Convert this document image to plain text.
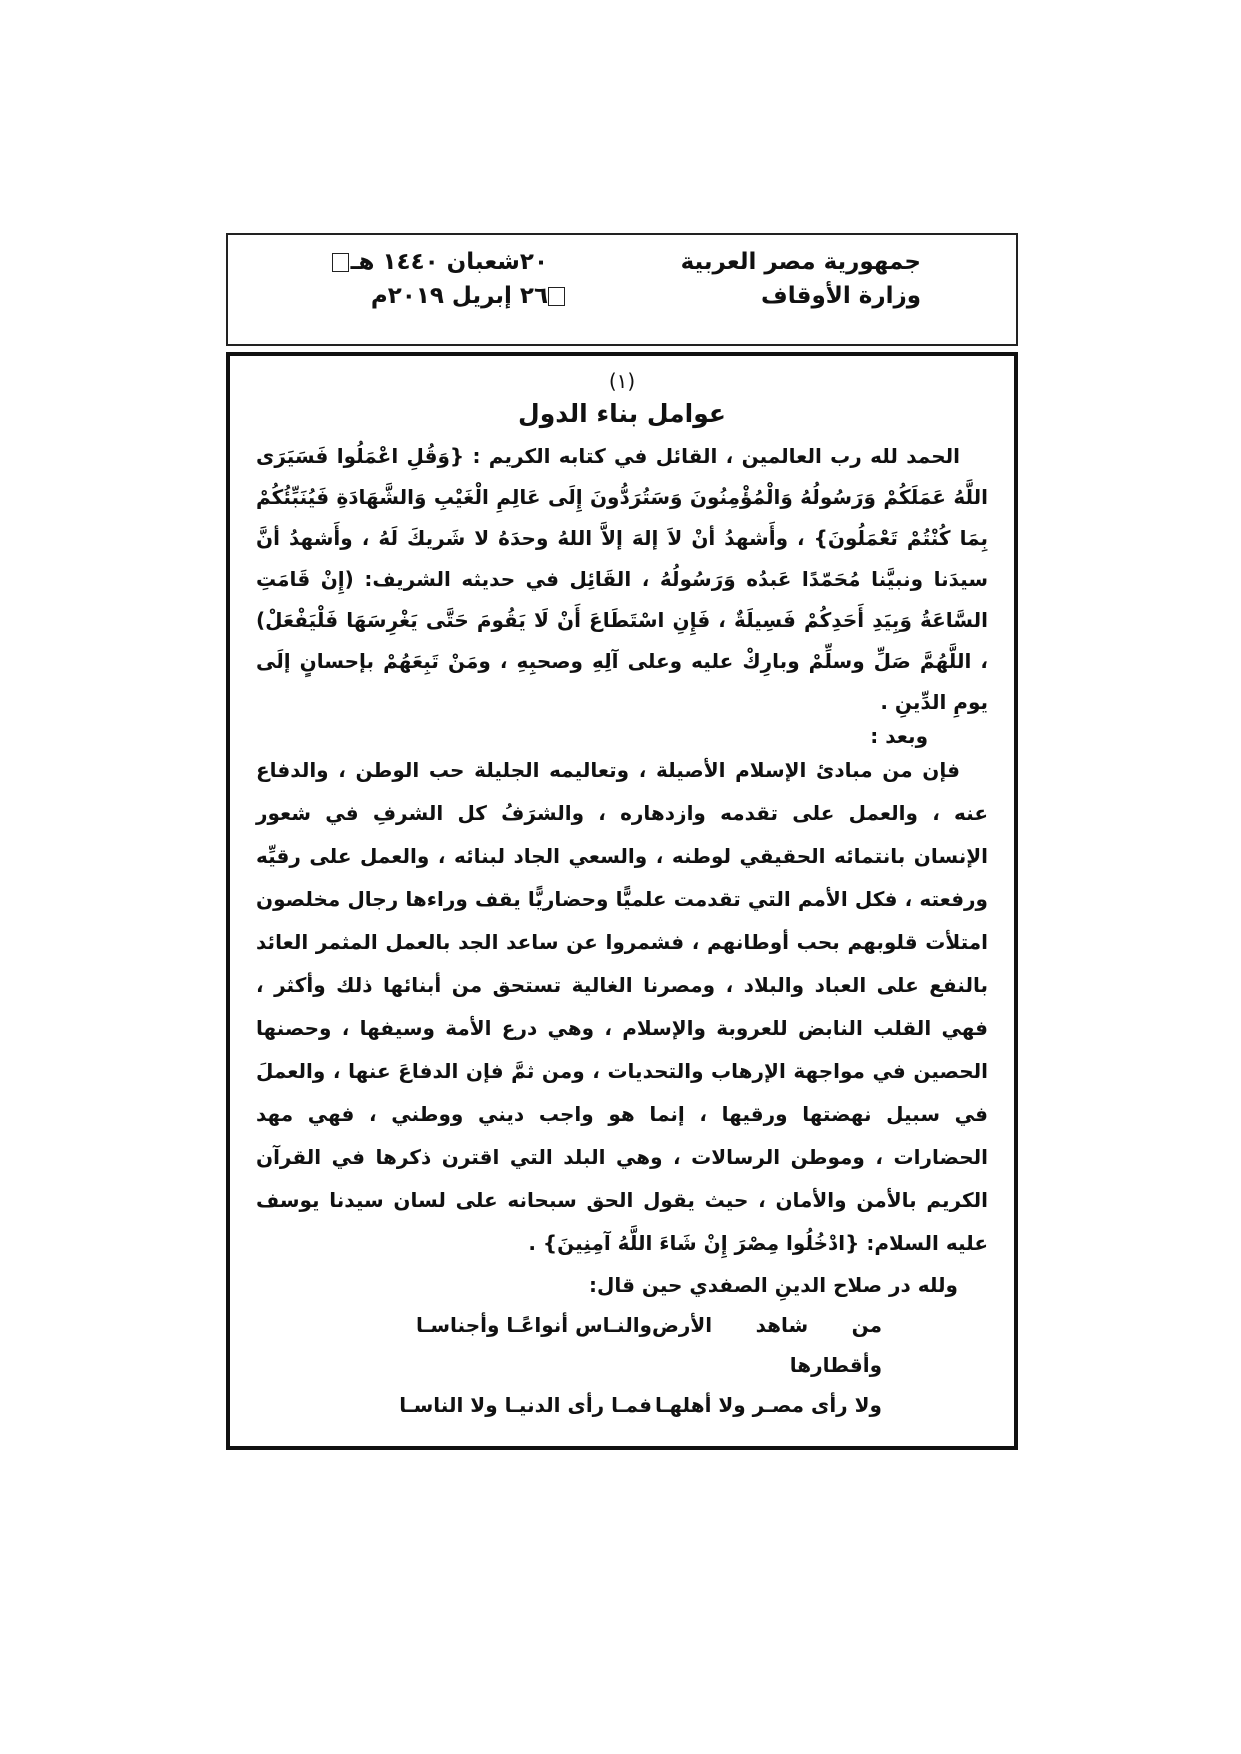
جمهورية مصر العربية
وزارة الأوقاف
٢٠شعبان ١٤٤٠ هـ
٢٦ إبريل ٢٠١٩م
(١)
عوامل بناء الدول

الحمد لله رب العالمين ، القائل في كتابه الكريم : {وَقُلِ اعْمَلُوا فَسَيَرَى اللَّهُ عَمَلَكُمْ وَرَسُولُهُ وَالْمُؤْمِنُونَ وَسَتُرَدُّونَ إِلَى عَالِمِ الْغَيْبِ وَالشَّهَادَةِ فَيُنَبِّئُكُمْ بِمَا كُنْتُمْ تَعْمَلُونَ} ، وأَشهدُ أنْ لاَ إلهَ إلاَّ اللهُ وحدَهُ لا شَريكَ لَهُ ، وأَشهدُ أنَّ سيدَنا ونبيَّنا مُحَمّدًا عَبدُه وَرَسُولُهُ ، القَائِل في حديثه الشريف: (إِنْ قَامَتِ السَّاعَةُ وَبِيَدِ أَحَدِكُمْ فَسِيلَةٌ ، فَإِنِ اسْتَطَاعَ أَنْ لَا يَقُومَ حَتَّى يَغْرِسَهَا فَلْيَفْعَلْ) ، اللَّهُمَّ صَلِّ وسلِّمْ وبارِكْ عليه وعلى آلِهِ وصحبِهِ ، ومَنْ تَبِعَهُمْ بإحسانٍ إلَى يومِ الدِّينِ .

وبعد :

فإن من مبادئ الإسلام الأصيلة ، وتعاليمه الجليلة حب الوطن ، والدفاع عنه ، والعمل على تقدمه وازدهاره ، والشرَفُ كل الشرفِ في شعور الإنسان بانتمائه الحقيقي لوطنه ، والسعي الجاد لبنائه ، والعمل على رقيِّه ورفعته ، فكل الأمم التي تقدمت علميًّا وحضاريًّا يقف وراءها رجال مخلصون امتلأت قلوبهم بحب أوطانهم ، فشمروا عن ساعد الجد بالعمل المثمر العائد بالنفع على العباد والبلاد ، ومصرنا الغالية تستحق من أبنائها ذلك وأكثر ، فهي القلب النابض للعروبة والإسلام ، وهي درع الأمة وسيفها ، وحصنها الحصين في مواجهة الإرهاب والتحديات ، ومن ثمَّ فإن الدفاعَ عنها ، والعملَ في سبيل نهضتها ورقيها ، إنما هو واجب ديني ووطني ، فهي مهد الحضارات ، وموطن الرسالات ، وهي البلد التي اقترن ذكرها في القرآن الكريم بالأمن والأمان ، حيث يقول الحق سبحانه على لسان سيدنا يوسف عليه السلام: {ادْخُلُوا مِصْرَ إِنْ شَاءَ اللَّهُ آمِنِينَ} .

ولله در صلاح الدينِ الصفدي حين قال:
من شاهد الأرض وأقطارها
والنـاس أنواعًـا وأجناسـا
ولا رأى مصـر ولا أهلهـا
فمـا رأى الدنيـا ولا الناسـا
